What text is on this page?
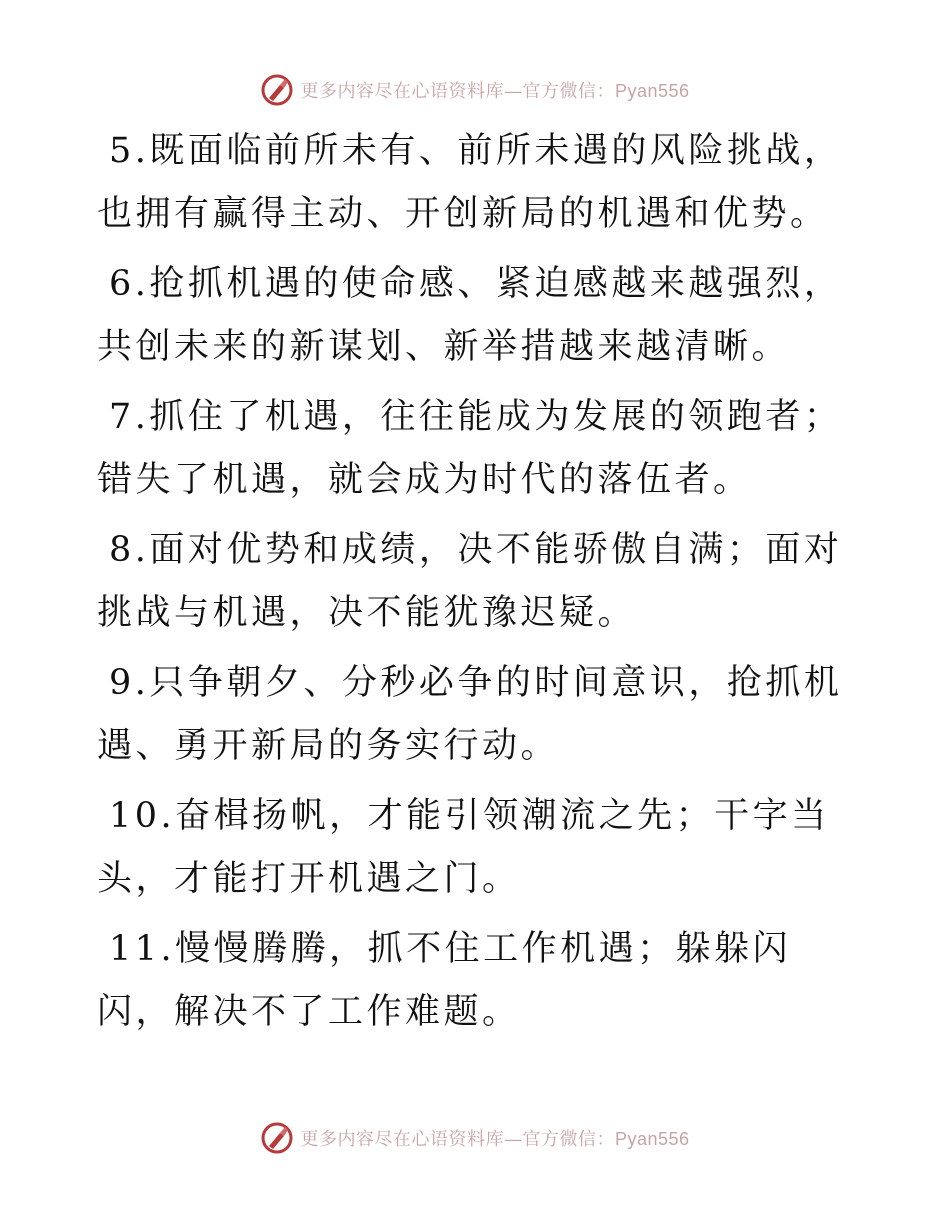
更多内容尽在心语资料库—官方微信：Pyan556

5.既面临前所未有、前所未遇的风险挑战，也拥有赢得主动、开创新局的机遇和优势。

6.抢抓机遇的使命感、紧迫感越来越强烈，共创未来的新谋划、新举措越来越清晰。

7.抓住了机遇，往往能成为发展的领跑者；错失了机遇，就会成为时代的落伍者。

8.面对优势和成绩，决不能骄傲自满；面对挑战与机遇，决不能犹豫迟疑。

9.只争朝夕、分秒必争的时间意识，抢抓机遇、勇开新局的务实行动。

10.奋楫扬帆，才能引领潮流之先；干字当头，才能打开机遇之门。

11.慢慢腾腾，抓不住工作机遇；躲躲闪闪，解决不了工作难题。

更多内容尽在心语资料库—官方微信：Pyan556
